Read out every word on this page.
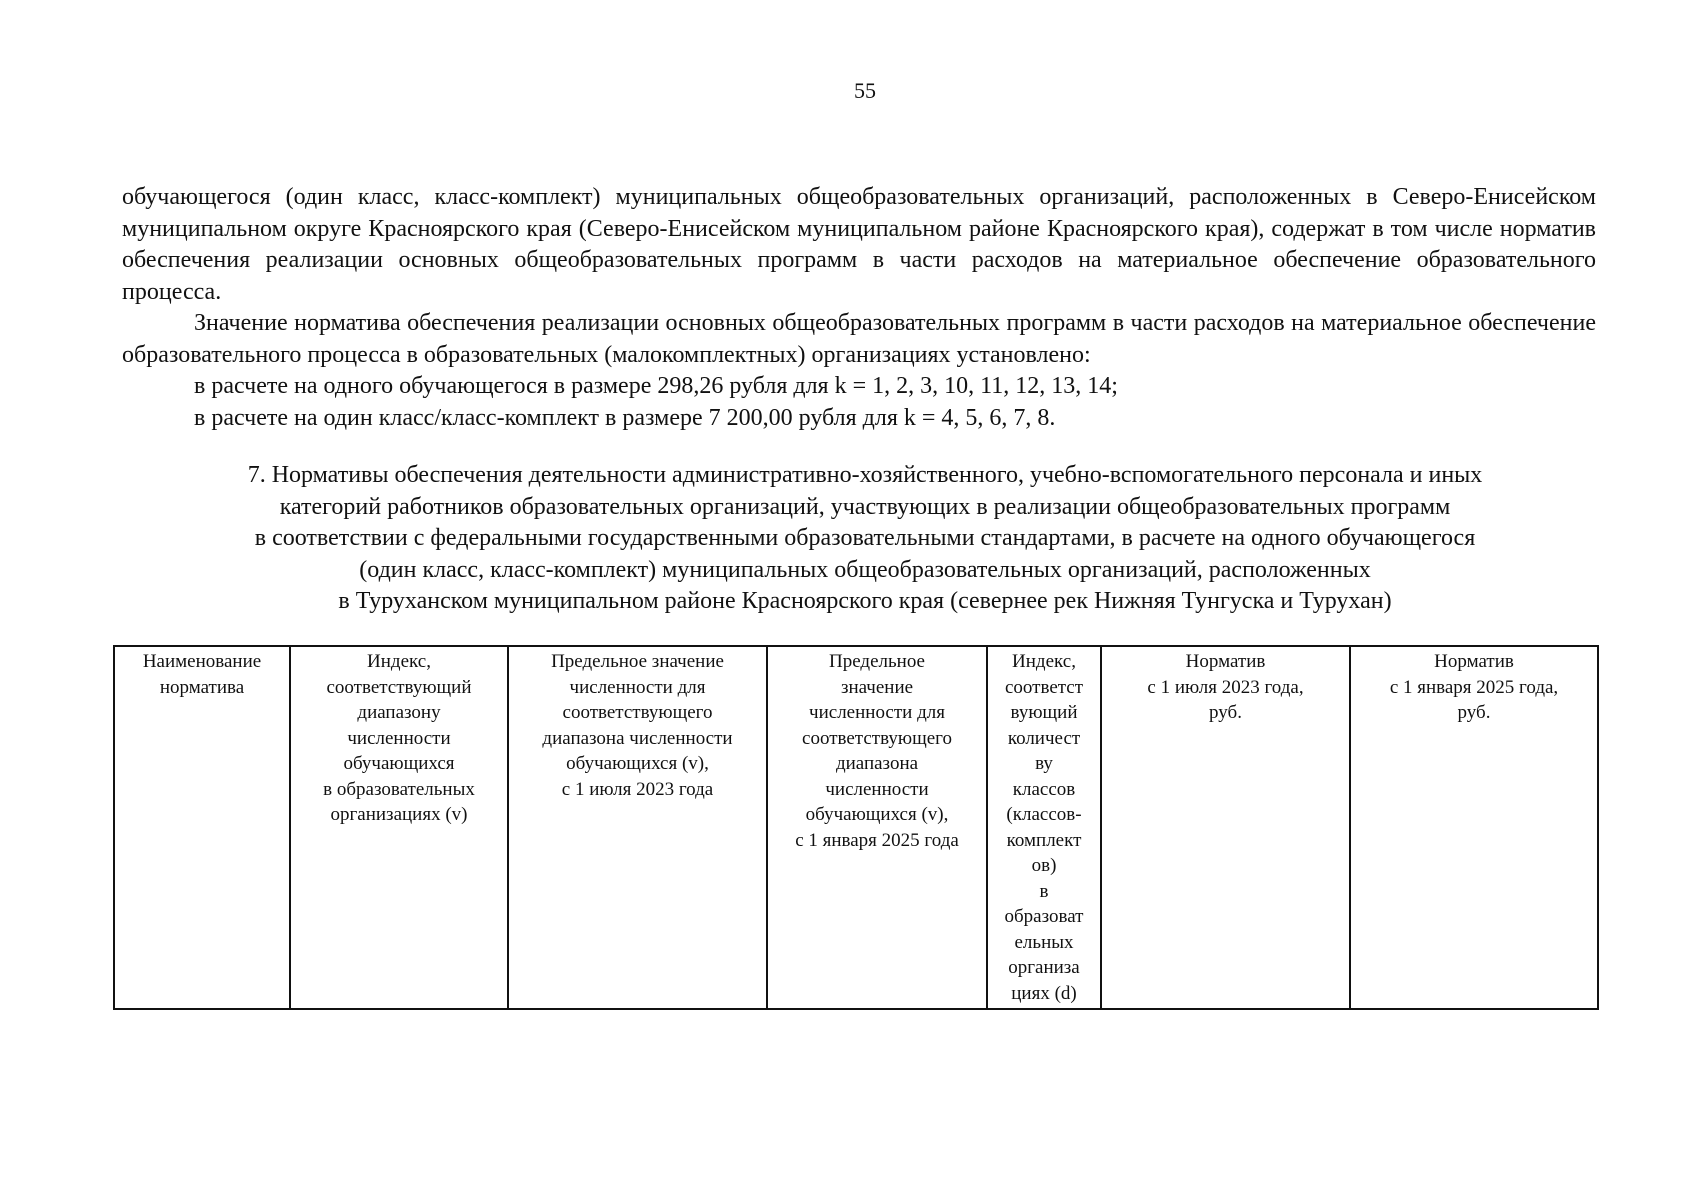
55

обучающегося (один класс, класс-комплект) муниципальных общеобразовательных организаций, расположенных в Северо-Енисейском муниципальном округе Красноярского края (Северо-Енисейском муниципальном районе Красноярского края), содержат в том числе норматив обеспечения реализации основных общеобразовательных программ в части расходов на материальное обеспечение образовательного процесса.

Значение норматива обеспечения реализации основных общеобразовательных программ в части расходов на материальное обеспечение образовательного процесса в образовательных (малокомплектных) организациях установлено:

в расчете на одного обучающегося в размере 298,26 рубля для k = 1, 2, 3, 10, 11, 12, 13, 14;

в расчете на один класс/класс-комплект в размере 7 200,00 рубля для k = 4, 5, 6, 7, 8.

7. Нормативы обеспечения деятельности административно-хозяйственного, учебно-вспомогательного персонала и иных

категорий работников образовательных организаций, участвующих в реализации общеобразовательных программ

в соответствии с федеральными государственными образовательными стандартами, в расчете на одного обучающегося

(один класс, класс-комплект) муниципальных общеобразовательных организаций, расположенных

в Туруханском муниципальном районе Красноярского края (севернее рек Нижняя Тунгуска и Турухан)

Наименование
норматива	Индекс,
соответствующий
диапазону
численности
обучающихся
в образовательных
организациях (v)	Предельное значение
численности для
соответствующего
диапазона численности
обучающихся (v),
с 1 июля 2023 года	Предельное
значение
численности для
соответствующего
диапазона
численности
обучающихся (v),
с 1 января 2025 года	Индекс,
соответст
вующий
количест
ву
классов
(классов-
комплект
ов)
в
образоват
ельных
организа
циях (d)	Норматив
с 1 июля 2023 года,
руб.	Норматив
с 1 января 2025 года,
руб.
